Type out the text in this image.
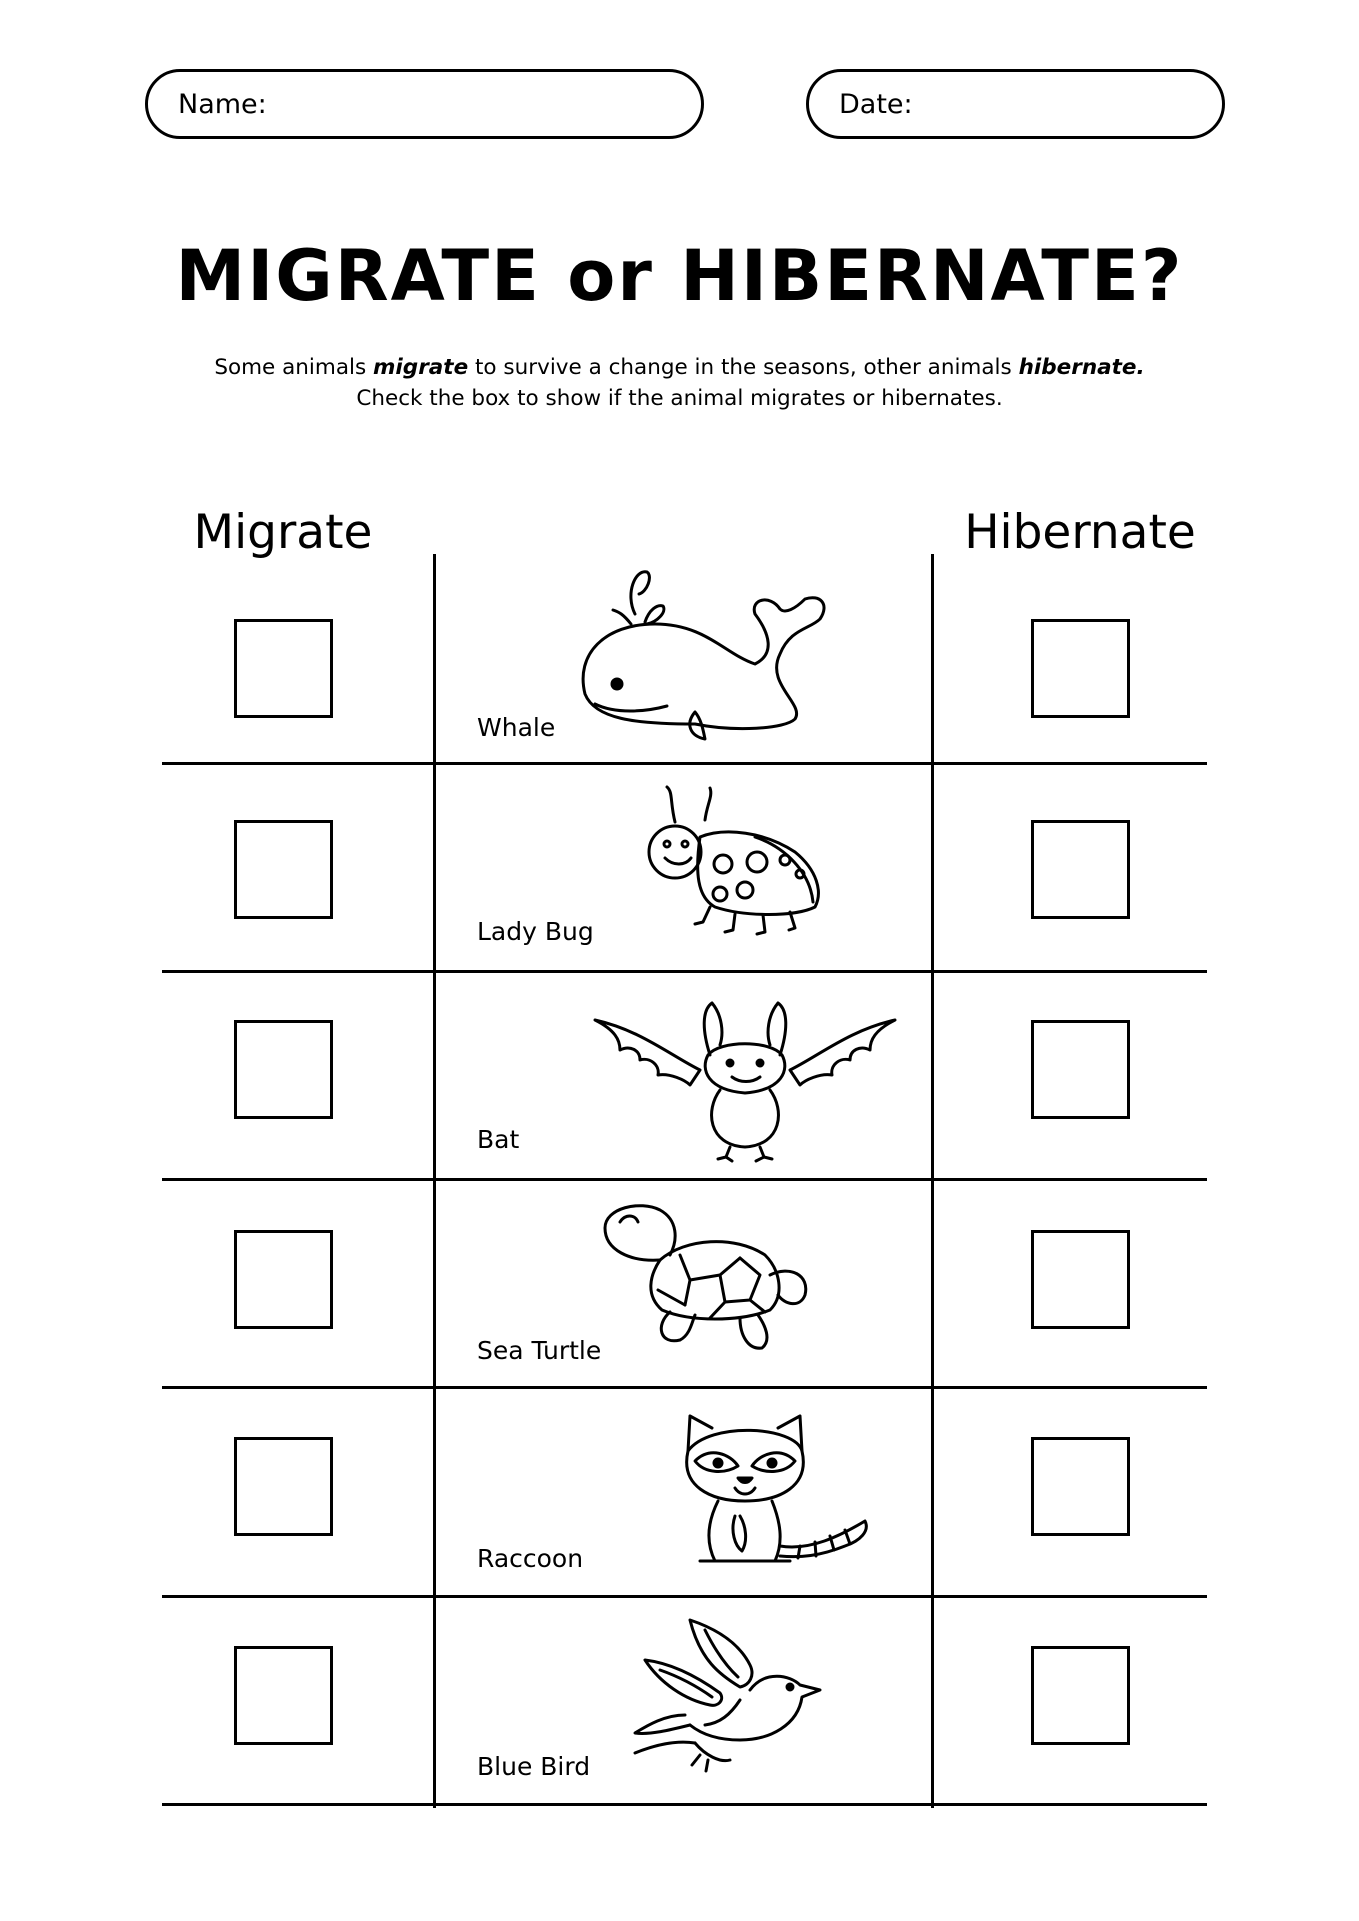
Name:	Date:
MIGRATE or HIBERNATE?
Some animals migrate to survive a change in the seasons, other animals hibernate.
Check the box to show if the animal migrates or hibernates.
Migrate	Hibernate
Whale
Lady Bug
Bat
Sea Turtle
Raccoon
Blue Bird
